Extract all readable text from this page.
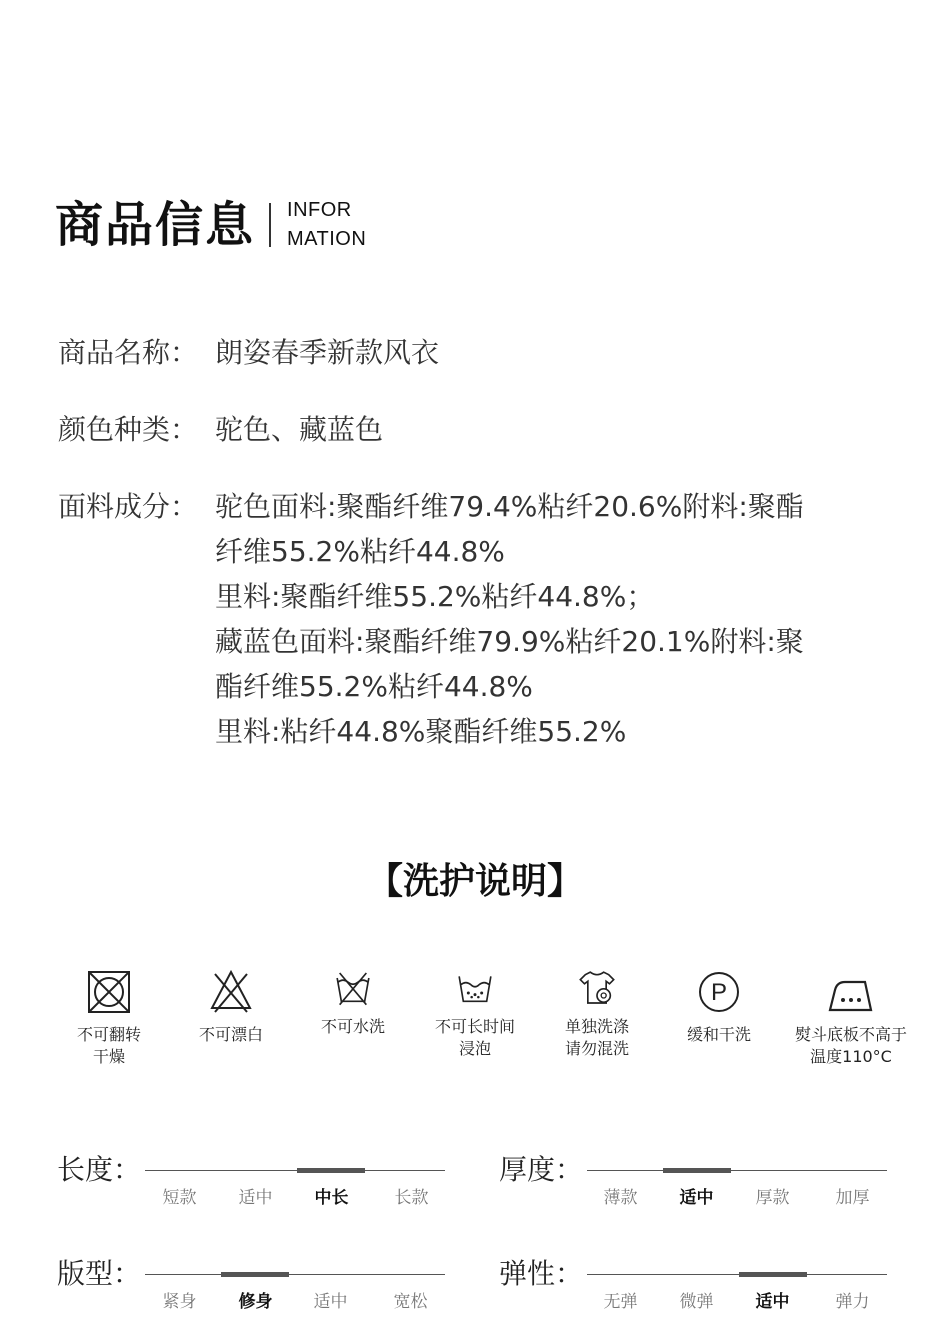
商品信息 INFOR
MATION
商品名称： 朗姿春季新款风衣
颜色种类： 驼色、藏蓝色
面料成分： 驼色面料:聚酯纤维79.4%粘纤20.6%附料:聚酯
纤维55.2%粘纤44.8%
里料:聚酯纤维55.2%粘纤44.8%；
藏蓝色面料:聚酯纤维79.9%粘纤20.1%附料:聚
酯纤维55.2%粘纤44.8%
里料:粘纤44.8%聚酯纤维55.2%
【洗护说明】
不可翻转
干燥
不可漂白	不可水洗	不可长时间
浸泡
单独洗涤
请勿混洗
P
缓和干洗	熨斗底板不高于
温度110°C
长度：
短款	适中	中长	长款
厚度：
薄款	适中	厚款	加厚
版型：
紧身	修身	适中	宽松
弹性：
无弹	微弹	适中	弹力
